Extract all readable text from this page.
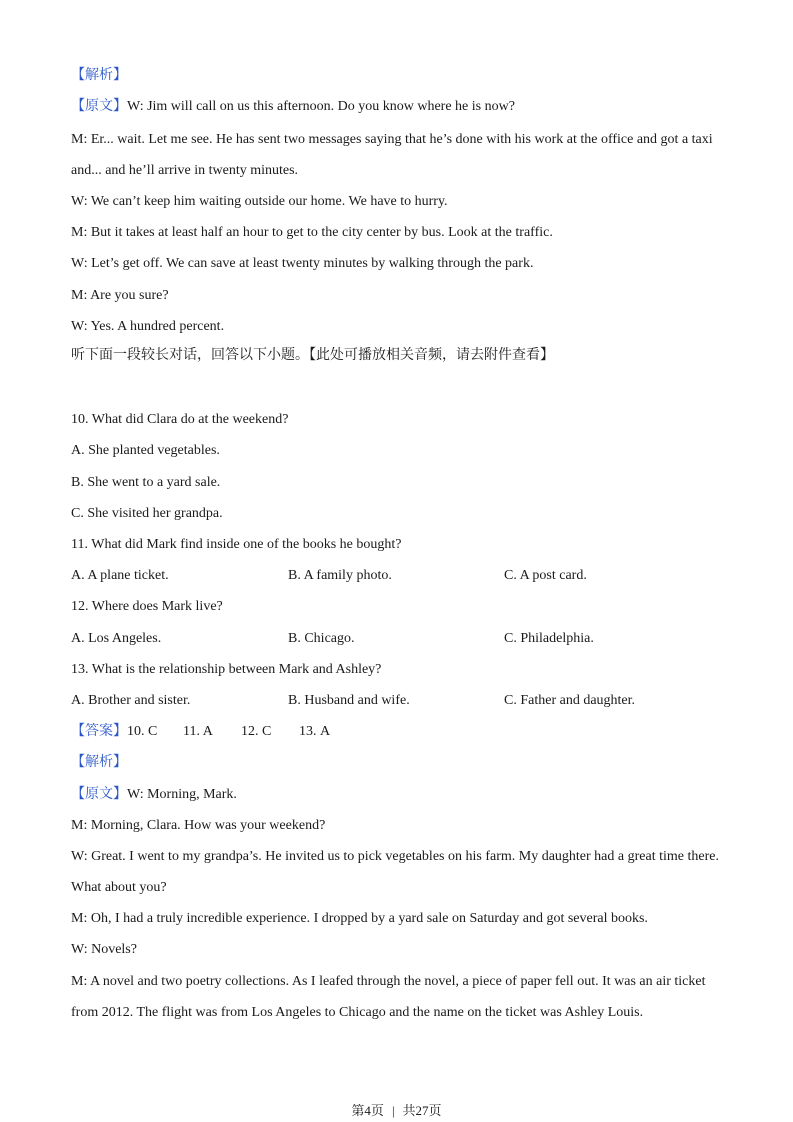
【解析】
【原文】W: Jim will call on us this afternoon. Do you know where he is now?
M: Er... wait. Let me see. He has sent two messages saying that he’s done with his work at the office and got a taxi
and... and he’ll arrive in twenty minutes.
W: We can’t keep him waiting outside our home. We have to hurry.
M: But it takes at least half an hour to get to the city center by bus. Look at the traffic.
W: Let’s get off. We can save at least twenty minutes by walking through the park.
M: Are you sure?
W: Yes. A hundred percent.
听下面一段较长对话，回答以下小题。【此处可播放相关音频，请去附件查看】
10. What did Clara do at the weekend?
A. She planted vegetables.
B. She went to a yard sale.
C. She visited her grandpa.
11. What did Mark find inside one of the books he bought?
A. A plane ticket.	B. A family photo.	C. A post card.
12. Where does Mark live?
A. Los Angeles.	B. Chicago.	C. Philadelphia.
13. What is the relationship between Mark and Ashley?
A. Brother and sister.	B. Husband and wife.	C. Father and daughter.
【答案】10. C 11. A 12. C 13. A
【解析】
【原文】W: Morning, Mark.
M: Morning, Clara. How was your weekend?
W: Great. I went to my grandpa’s. He invited us to pick vegetables on his farm. My daughter had a great time there.
What about you?
M: Oh, I had a truly incredible experience. I dropped by a yard sale on Saturday and got several books.
W: Novels?
M: A novel and two poetry collections. As I leafed through the novel, a piece of paper fell out. It was an air ticket
from 2012. The flight was from Los Angeles to Chicago and the name on the ticket was Ashley Louis.
第4页 | 共27页
